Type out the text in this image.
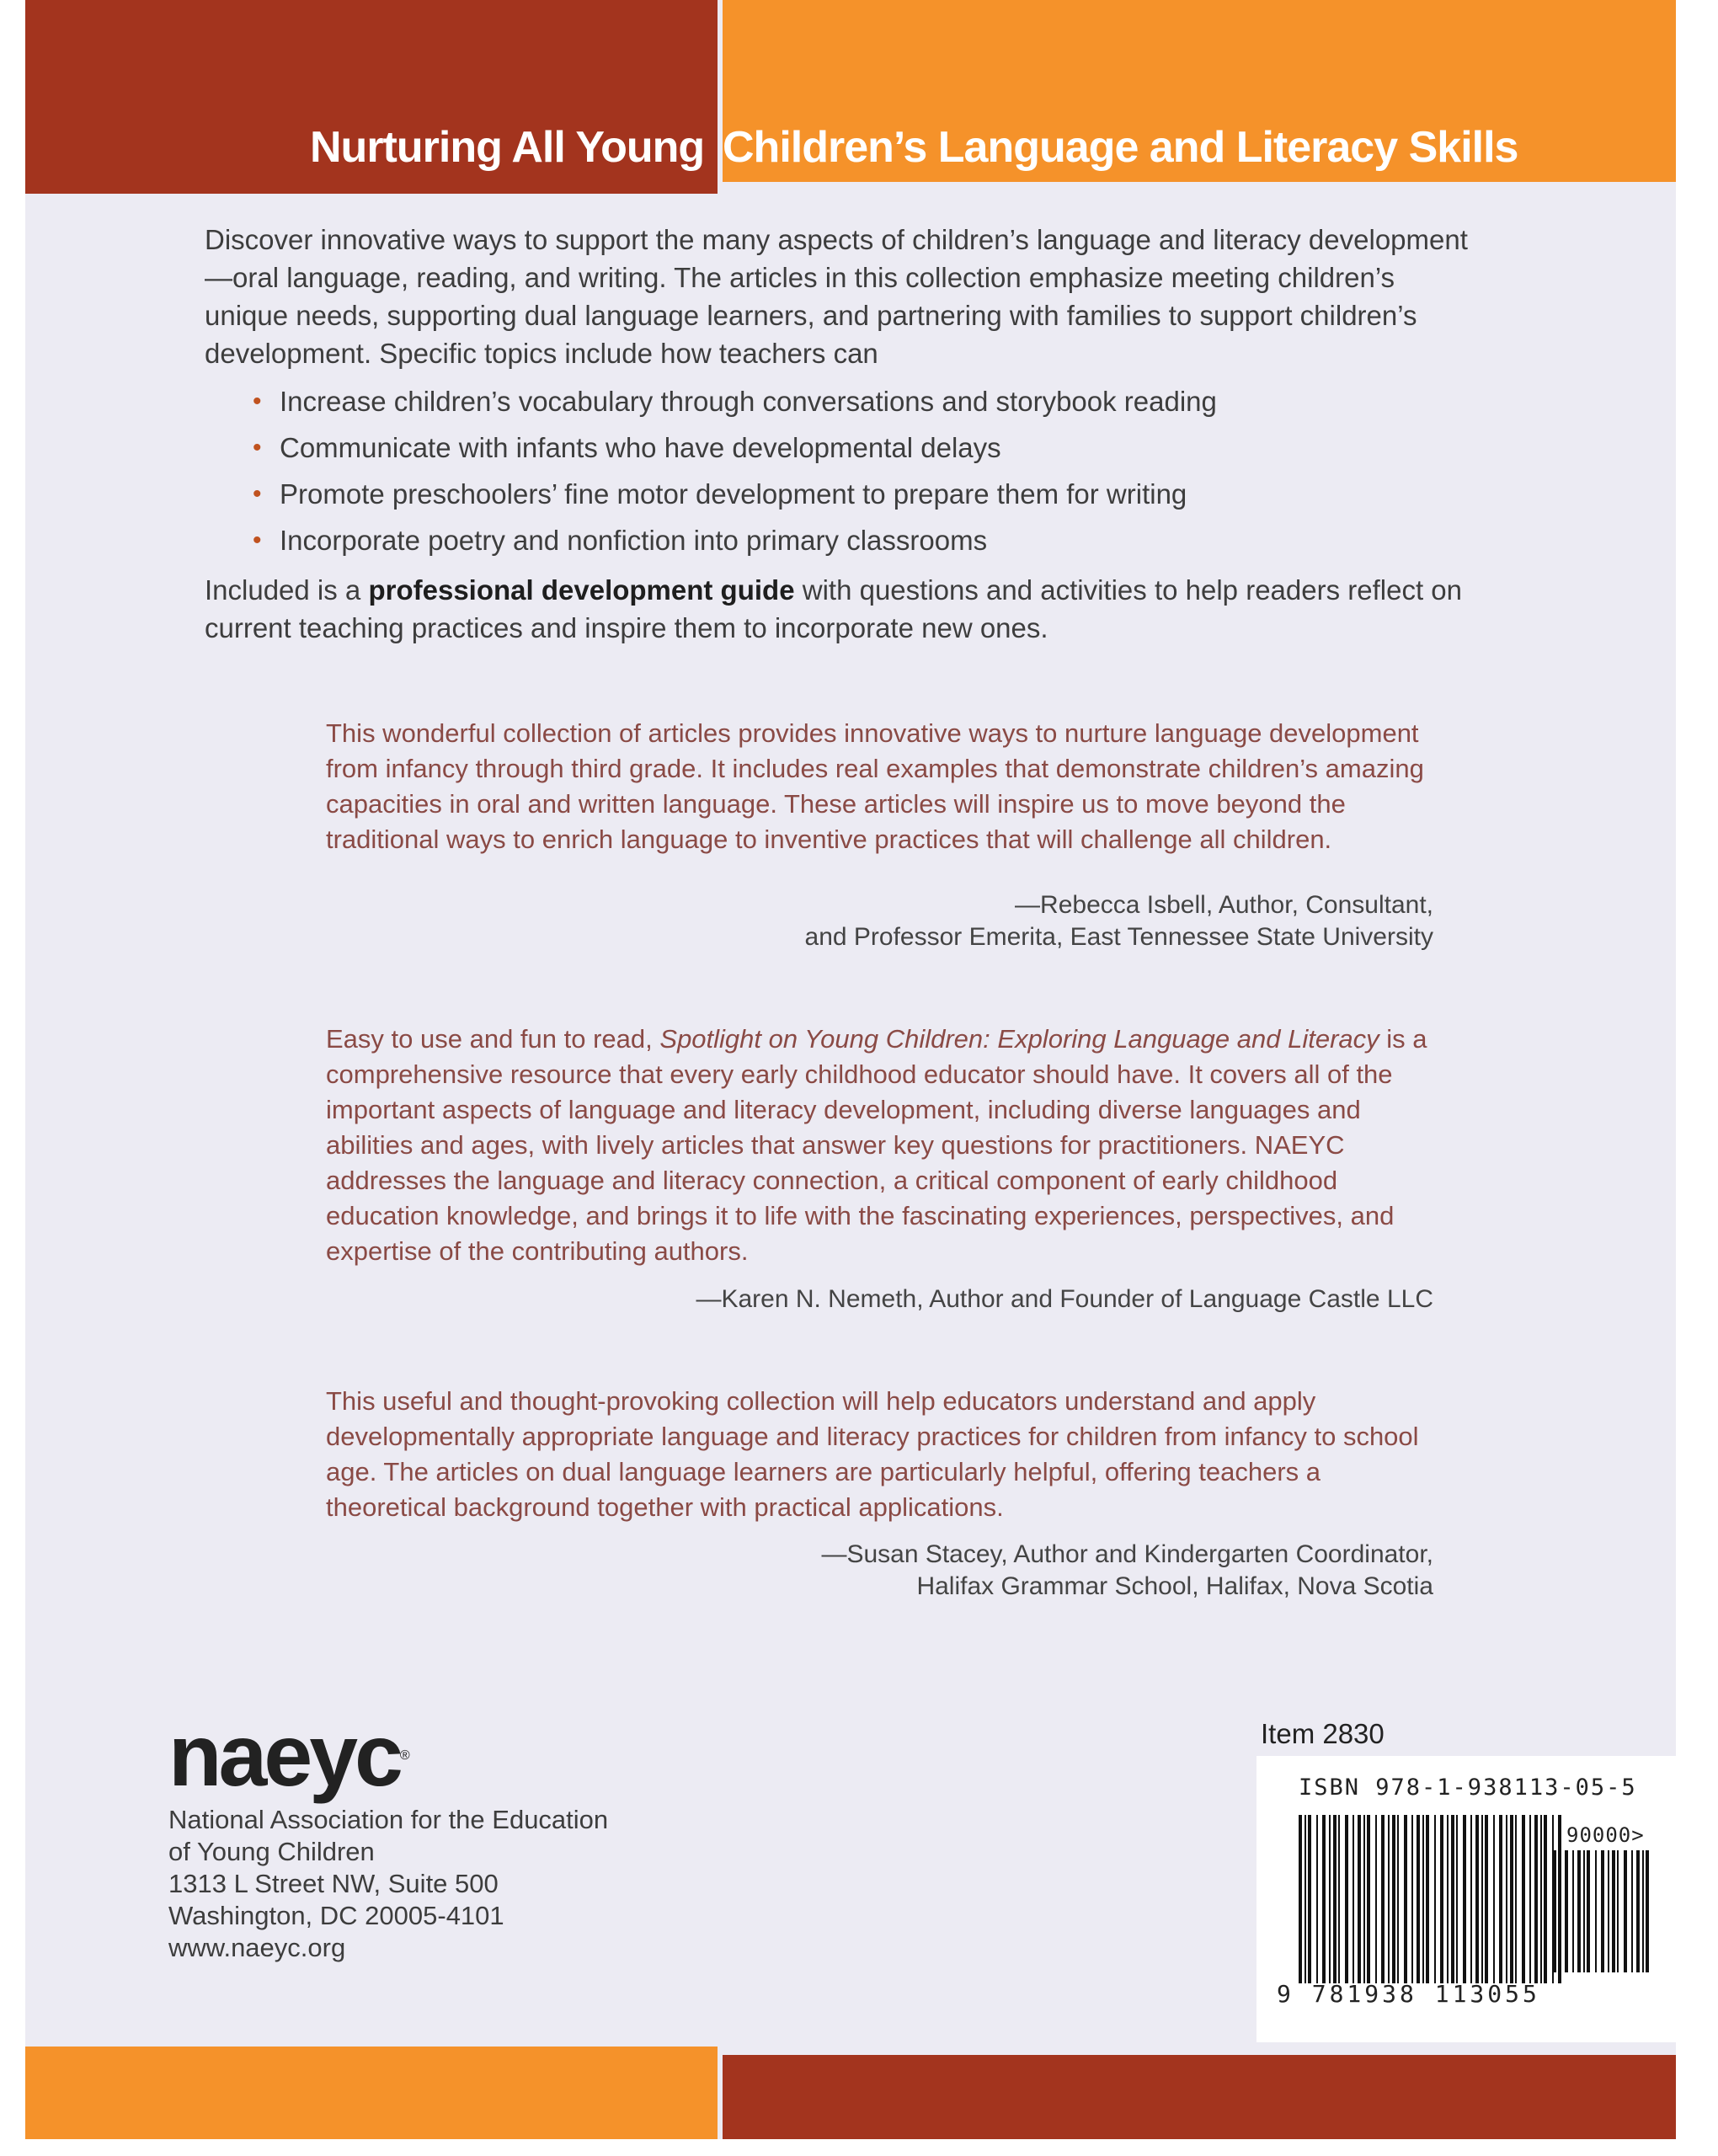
Nurturing All Young Children’s Language and Literacy Skills

Discover innovative ways to support the many aspects of children’s language and literacy development—oral language, reading, and writing. The articles in this collection emphasize meeting children’s unique needs, supporting dual language learners, and partnering with families to support children’s development. Specific topics include how teachers can

• Increase children’s vocabulary through conversations and storybook reading
• Communicate with infants who have developmental delays
• Promote preschoolers’ fine motor development to prepare them for writing
• Incorporate poetry and nonfiction into primary classrooms

Included is a professional development guide with questions and activities to help readers reflect on current teaching practices and inspire them to incorporate new ones.

This wonderful collection of articles provides innovative ways to nurture language development from infancy through third grade. It includes real examples that demonstrate children’s amazing capacities in oral and written language. These articles will inspire us to move beyond the traditional ways to enrich language to inventive practices that will challenge all children.

—Rebecca Isbell, Author, Consultant,
and Professor Emerita, East Tennessee State University

Easy to use and fun to read, Spotlight on Young Children: Exploring Language and Literacy is a comprehensive resource that every early childhood educator should have. It covers all of the important aspects of language and literacy development, including diverse languages and abilities and ages, with lively articles that answer key questions for practitioners. NAEYC addresses the language and literacy connection, a critical component of early childhood education knowledge, and brings it to life with the fascinating experiences, perspectives, and expertise of the contributing authors.

—Karen N. Nemeth, Author and Founder of Language Castle LLC

This useful and thought-provoking collection will help educators understand and apply developmentally appropriate language and literacy practices for children from infancy to school age. The articles on dual language learners are particularly helpful, offering teachers a theoretical background together with practical applications.

—Susan Stacey, Author and Kindergarten Coordinator,
Halifax Grammar School, Halifax, Nova Scotia
naeyc®
National Association for the Education
of Young Children
1313 L Street NW, Suite 500
Washington, DC 20005-4101
www.naeyc.org
Item 2830
ISBN 978-1-938113-05-5
90000>
9 781938 113055
